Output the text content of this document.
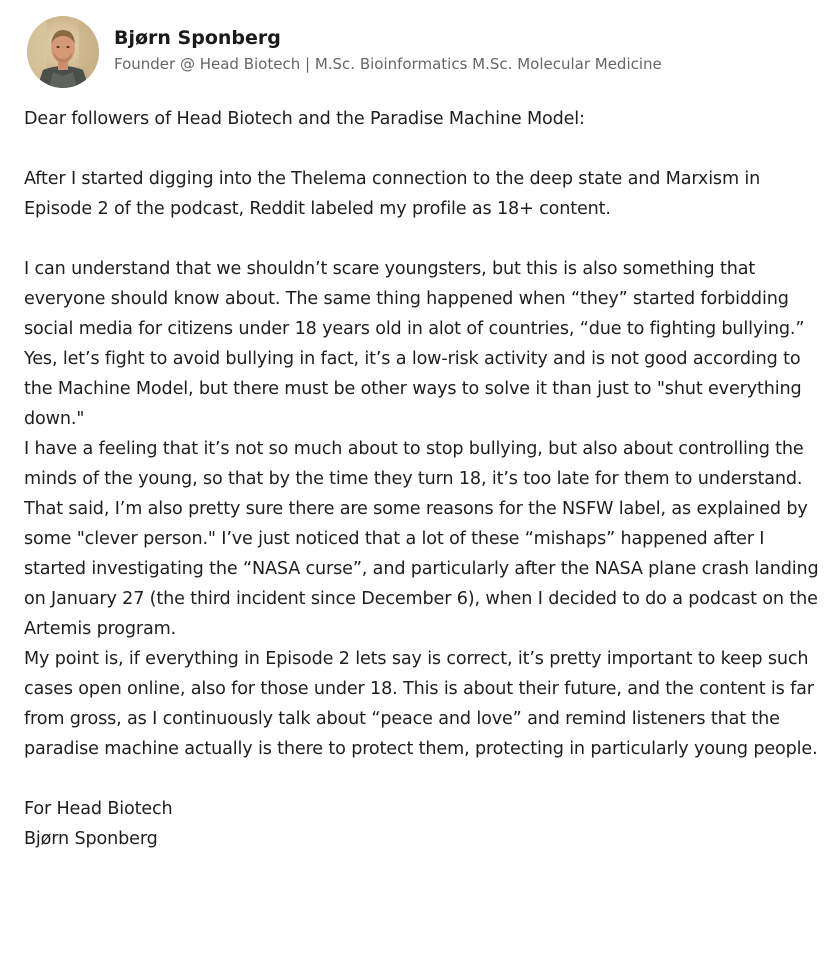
Bjørn Sponberg
Founder @ Head Biotech | M.Sc. Bioinformatics M.Sc. Molecular Medicine

Dear followers of Head Biotech and the Paradise Machine Model:

After I started digging into the Thelema connection to the deep state and Marxism in Episode 2 of the podcast, Reddit labeled my profile as 18+ content.

I can understand that we shouldn’t scare youngsters, but this is also something that everyone should know about. The same thing happened when “they” started forbidding social media for citizens under 18 years old in alot of countries, “due to fighting bullying.”

Yes, let’s fight to avoid bullying in fact, it’s a low-risk activity and is not good according to the Machine Model, but there must be other ways to solve it than just to "shut everything down."

I have a feeling that it’s not so much about to stop bullying, but also about controlling the minds of the young, so that by the time they turn 18, it’s too late for them to understand.

That said, I’m also pretty sure there are some reasons for the NSFW label, as explained by some "clever person." I’ve just noticed that a lot of these “mishaps” happened after I started investigating the “NASA curse”, and particularly after the NASA plane crash landing on January 27 (the third incident since December 6), when I decided to do a podcast on the Artemis program.

My point is, if everything in Episode 2 lets say is correct, it’s pretty important to keep such cases open online, also for those under 18. This is about their future, and the content is far from gross, as I continuously talk about “peace and love” and remind listeners that the paradise machine actually is there to protect them, protecting in particularly young people.

For Head Biotech

Bjørn Sponberg
